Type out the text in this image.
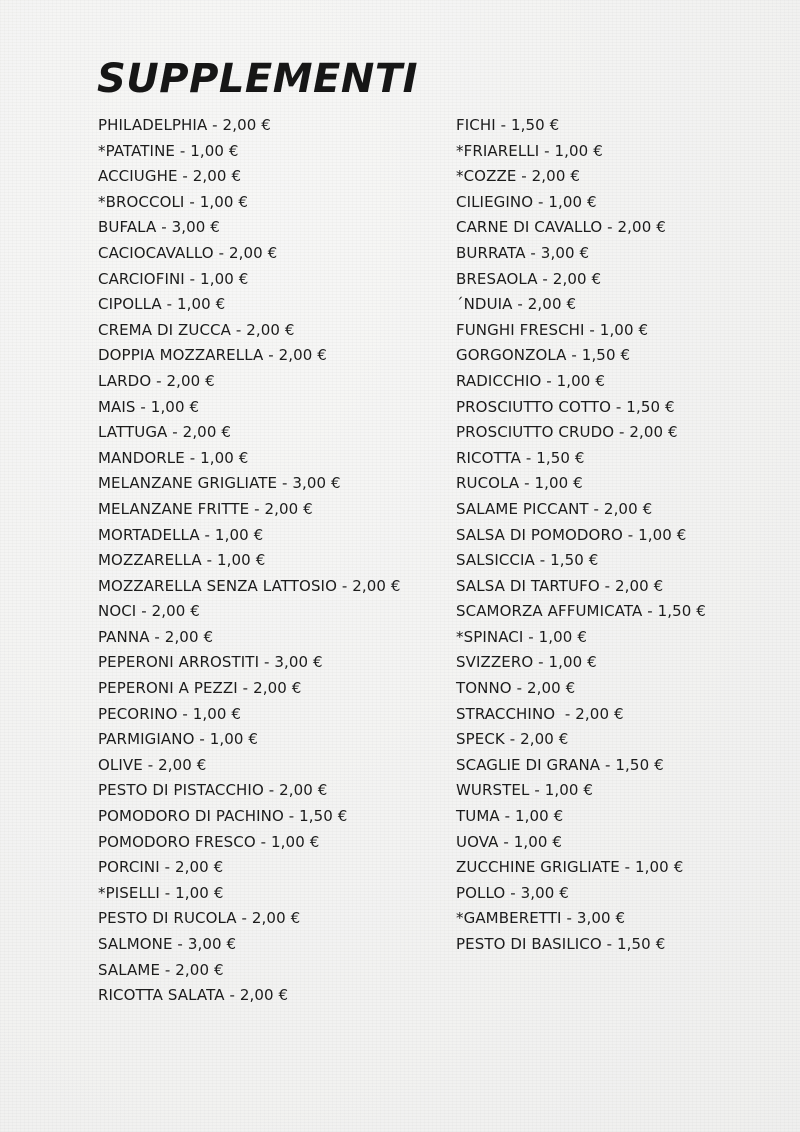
SUPPLEMENTI
PHILADELPHIA - 2,00 €
*PATATINE - 1,00 €
ACCIUGHE - 2,00 €
*BROCCOLI - 1,00 €
BUFALA - 3,00 €
CACIOCAVALLO - 2,00 €
CARCIOFINI - 1,00 €
CIPOLLA - 1,00 €
CREMA DI ZUCCA - 2,00 €
DOPPIA MOZZARELLA - 2,00 €
LARDO - 2,00 €
MAIS - 1,00 €
LATTUGA - 2,00 €
MANDORLE - 1,00 €
MELANZANE GRIGLIATE - 3,00 €
MELANZANE FRITTE - 2,00 €
MORTADELLA - 1,00 €
MOZZARELLA - 1,00 €
MOZZARELLA SENZA LATTOSIO - 2,00 €
NOCI - 2,00 €
PANNA - 2,00 €
PEPERONI ARROSTITI - 3,00 €
PEPERONI A PEZZI - 2,00 €
PECORINO - 1,00 €
PARMIGIANO - 1,00 €
OLIVE - 2,00 €
PESTO DI PISTACCHIO - 2,00 €
POMODORO DI PACHINO - 1,50 €
POMODORO FRESCO - 1,00 €
PORCINI - 2,00 €
*PISELLI - 1,00 €
PESTO DI RUCOLA - 2,00 €
SALMONE - 3,00 €
SALAME - 2,00 €
RICOTTA SALATA - 2,00 €
FICHI - 1,50 €
*FRIARELLI - 1,00 €
*COZZE - 2,00 €
CILIEGINO - 1,00 €
CARNE DI CAVALLO - 2,00 €
BURRATA - 3,00 €
BRESAOLA - 2,00 €
´NDUIA - 2,00 €
FUNGHI FRESCHI - 1,00 €
GORGONZOLA - 1,50 €
RADICCHIO - 1,00 €
PROSCIUTTO COTTO - 1,50 €
PROSCIUTTO CRUDO - 2,00 €
RICOTTA - 1,50 €
RUCOLA - 1,00 €
SALAME PICCANT - 2,00 €
SALSA DI POMODORO - 1,00 €
SALSICCIA - 1,50 €
SALSA DI TARTUFO - 2,00 €
SCAMORZA AFFUMICATA - 1,50 €
*SPINACI - 1,00 €
SVIZZERO - 1,00 €
TONNO - 2,00 €
STRACCHINO  - 2,00 €
SPECK - 2,00 €
SCAGLIE DI GRANA - 1,50 €
WURSTEL - 1,00 €
TUMA - 1,00 €
UOVA - 1,00 €
ZUCCHINE GRIGLIATE - 1,00 €
POLLO - 3,00 €
*GAMBERETTI - 3,00 €
PESTO DI BASILICO - 1,50 €
